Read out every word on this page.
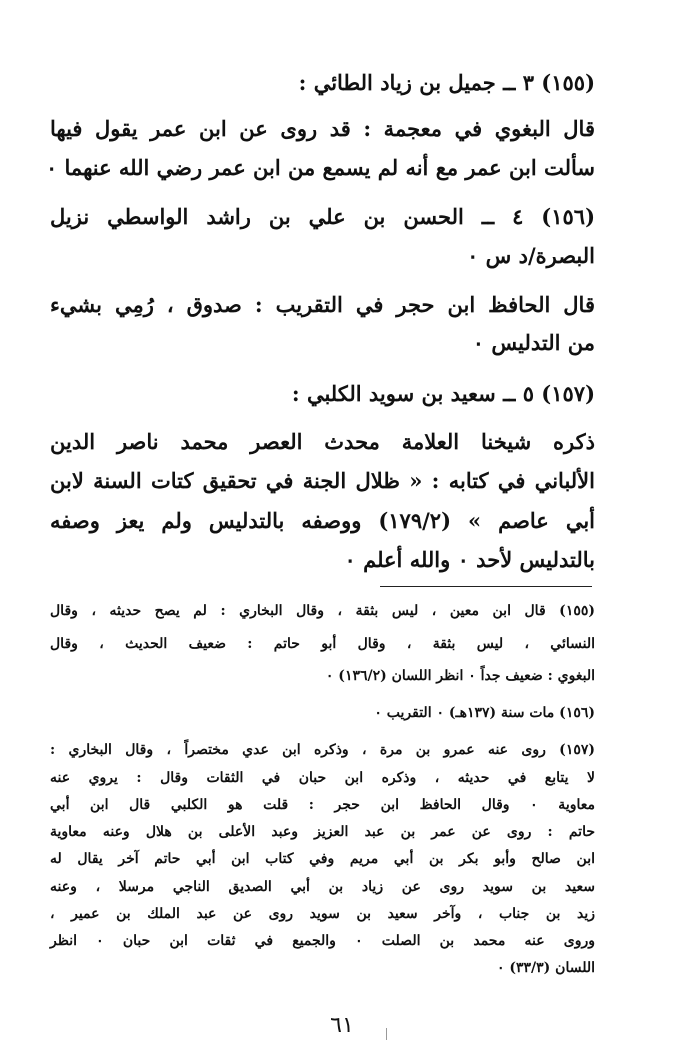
(١٥٥) ٣ ــ جميل بن زياد الطائي :
قال البغوي في معجمة : قد روى عن ابن عمر يقول فيها
سألت ابن عمر مع أنه لم يسمع من ابن عمر رضي الله عنهما ٠
(١٥٦) ٤ ــ الحسن بن علي بن راشد الواسطي نزيل
البصرة/د س ٠
قال الحافظ ابن حجر في التقريب : صدوق ، رُمِي بشيء
من التدليس ٠
(١٥٧) ٥ ــ سعيد بن سويد الكلبي :
ذكره شيخنا العلامة محدث العصر محمد ناصر الدين
الألباني في كتابه : « ظلال الجنة في تحقيق كتات السنة لابن
أبي عاصم » (١٧٩/٢) ووصفه بالتدليس ولم يعز وصفه
بالتدليس لأحد ٠ والله أعلم ٠
(١٥٥) قال ابن معين ، ليس بثقة ، وقال البخاري : لم يصح حديثه ، وقال
النسائي ، ليس بثقة ، وقال أبو حاتم : ضعيف الحديث ، وقال
البغوي : ضعيف جداً ٠ انظر اللسان (١٣٦/٢) ٠
(١٥٦) مات سنة (١٣٧هـ) ٠ التقريب ٠
(١٥٧) روى عنه عمرو بن مرة ، وذكره ابن عدي مختصراً ، وقال البخاري :
لا يتابع في حديثه ، وذكره ابن حبان في الثقات وقال : يروي عنه
معاوية ٠ وقال الحافظ ابن حجر : قلت هو الكلبي قال ابن أبي
حاتم : روى عن عمر بن عبد العزيز وعبد الأعلى بن هلال وعنه معاوية
ابن صالح وأبو بكر بن أبي مريم وفي كتاب ابن أبي حاتم آخر يقال له
سعيد بن سويد روى عن زياد بن أبي الصديق الناجي مرسلا ، وعنه
زيد بن جناب ، وآخر سعيد بن سويد روى عن عبد الملك بن عمير ،
وروى عنه محمد بن الصلت ٠ والجميع في ثقات ابن حبان ٠ انظر
اللسان (٣٣/٣) ٠
٦١
